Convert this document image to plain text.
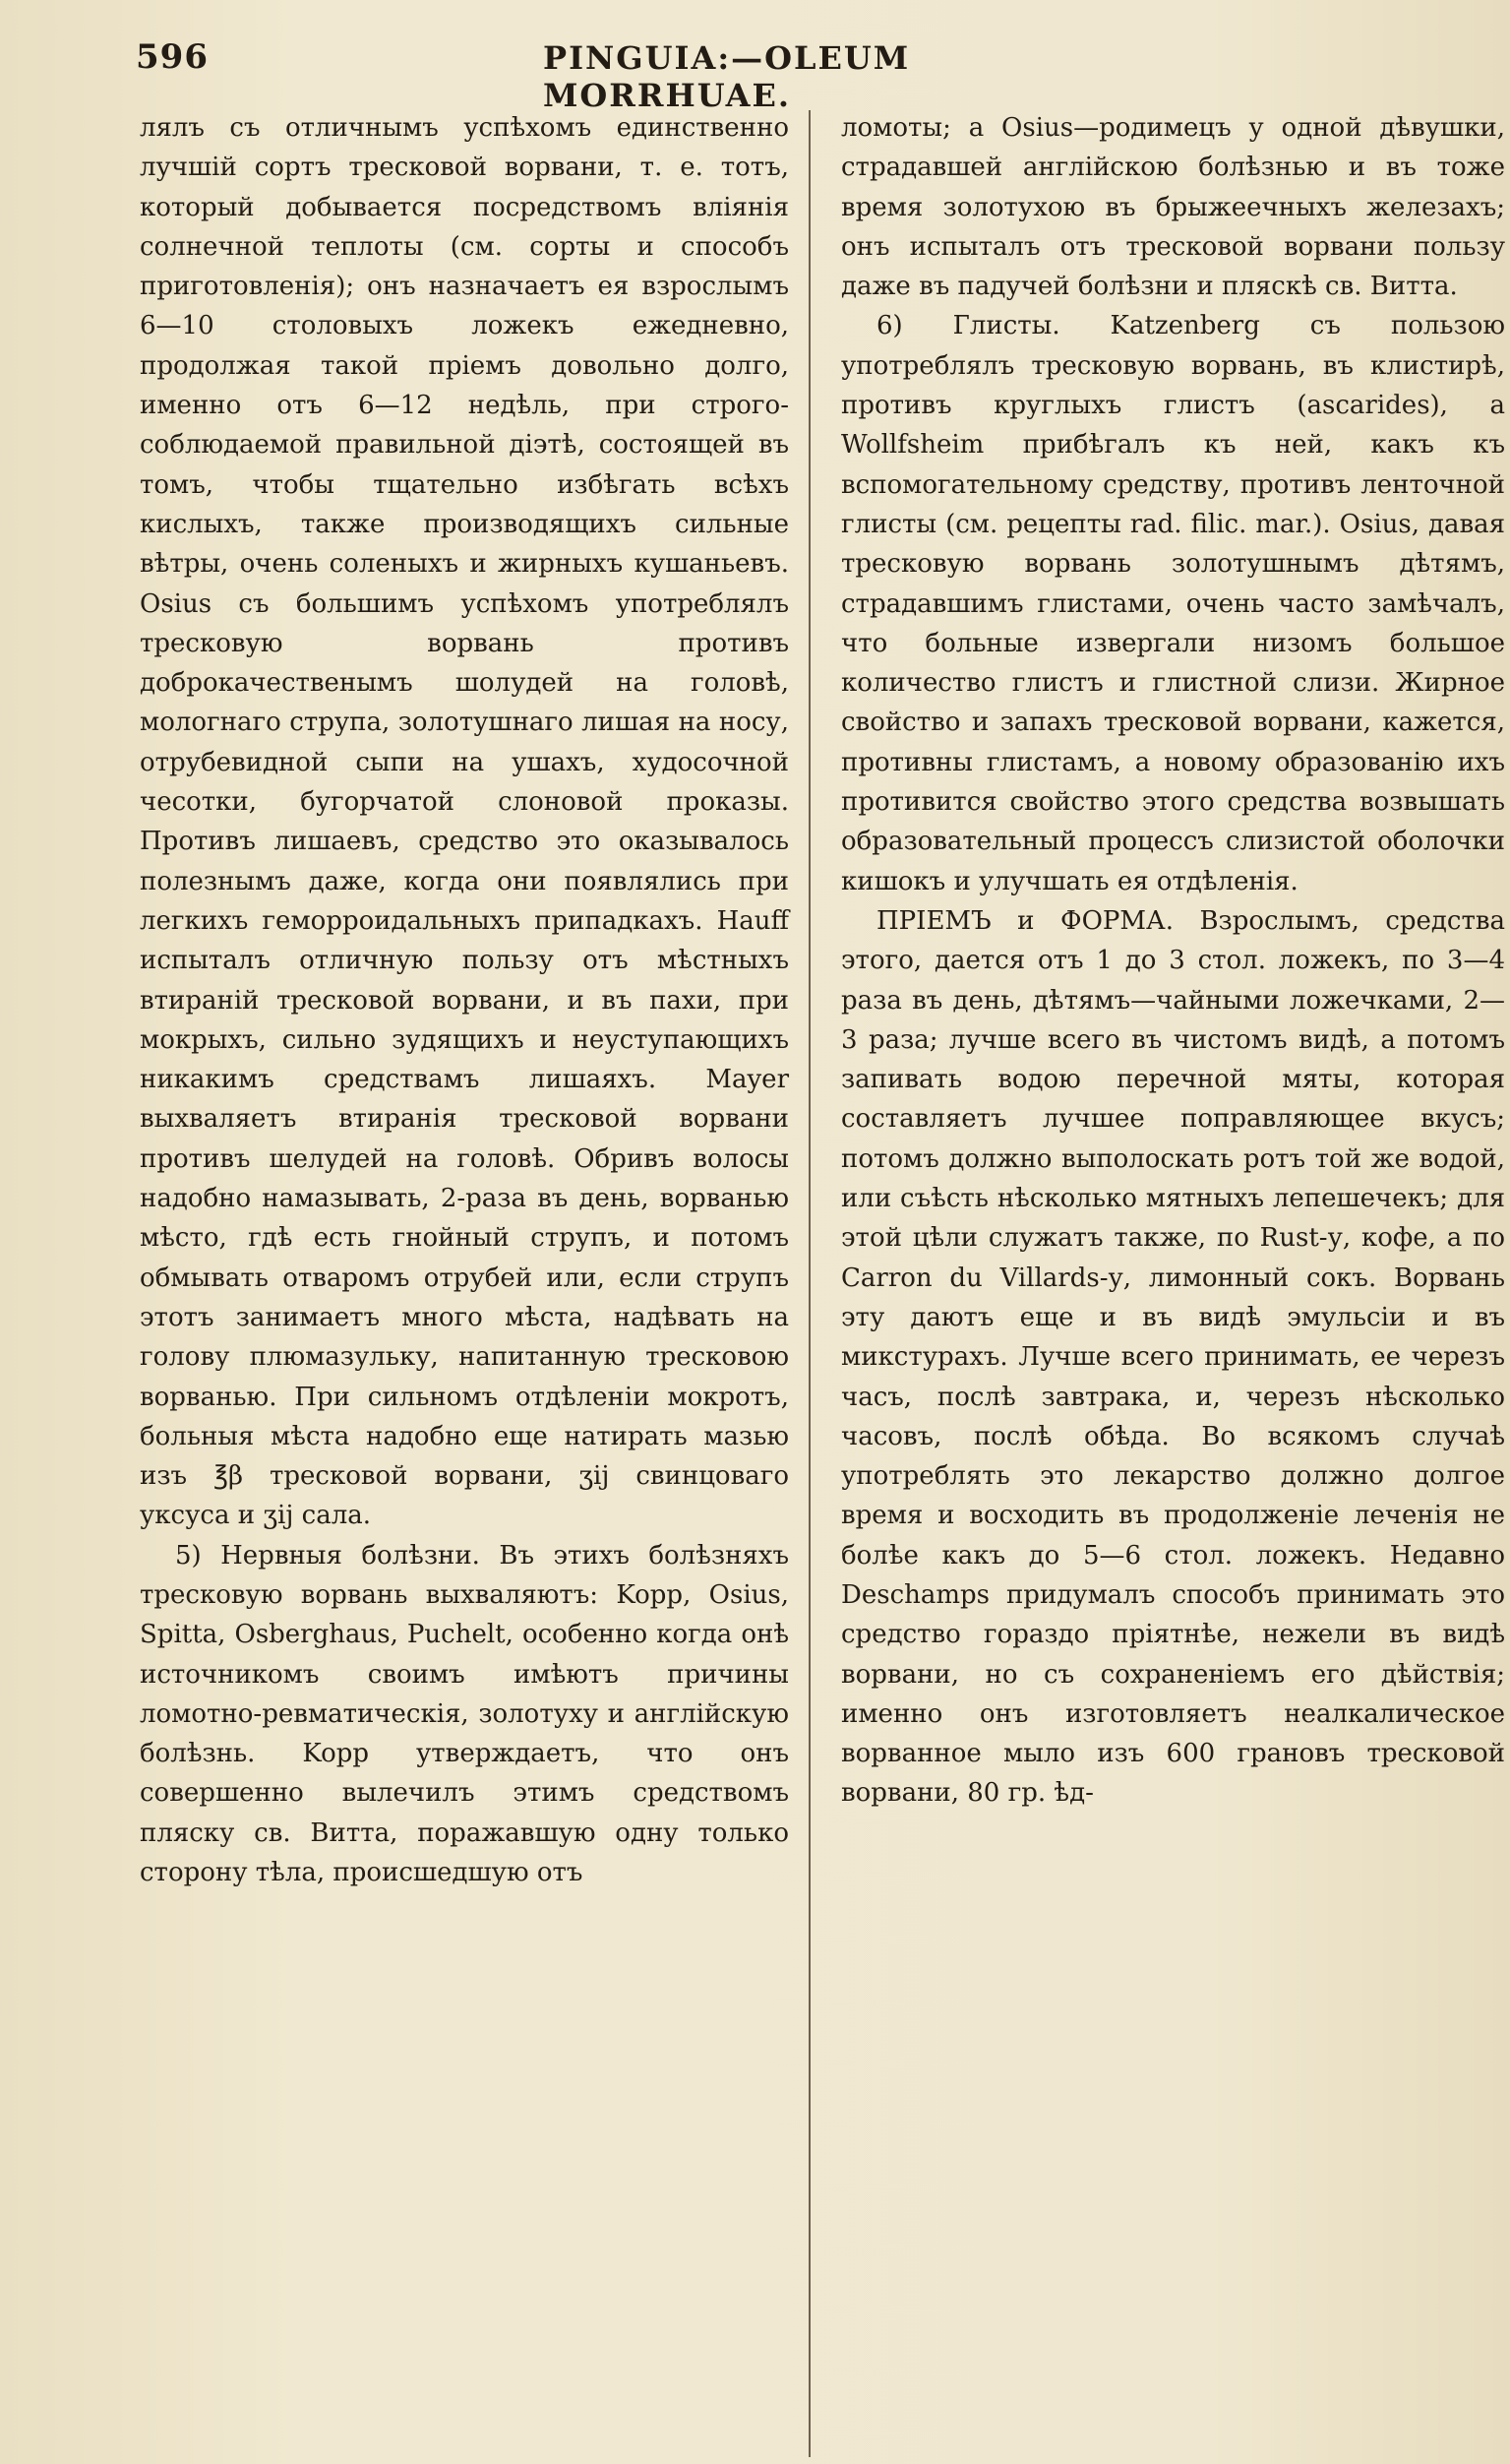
596	PINGUIA:—OLEUM MORRHUAE.

лялъ съ отличнымъ успѣхомъ единственно лучшій сортъ тресковой ворвани, т. е. тотъ, который добывается посредствомъ вліянія солнечной теплоты (см. сорты и способъ приготовленія); онъ назначаетъ ея взрослымъ 6—10 столовыхъ ложекъ ежедневно, продолжая такой пріемъ довольно долго, именно отъ 6—12 недѣль, при строго-соблюдаемой правильной діэтѣ, состоящей въ томъ, чтобы тщательно избѣгать всѣхъ кислыхъ, также производящихъ сильные вѣтры, очень соленыхъ и жирныхъ кушаньевъ. Osius съ большимъ успѣхомъ употреблялъ тресковую ворвань противъ доброкачественымъ шолудей на головѣ, мологнаго струпа, золотушнаго лишая на носу, отрубевидной сыпи на ушахъ, худосочной чесотки, бугорчатой слоновой проказы. Противъ лишаевъ, средство это оказывалось полезнымъ даже, когда они появлялись при легкихъ геморроидальныхъ припадкахъ. Hauff испыталъ отличную пользу отъ мѣстныхъ втираній тресковой ворвани, и въ пахи, при мокрыхъ, сильно зудящихъ и неуступающихъ никакимъ средствамъ лишаяхъ. Mayer выхваляетъ втиранія тресковой ворвани противъ шелудей на головѣ. Обривъ волосы надобно намазывать, 2-раза въ день, ворванью мѣсто, гдѣ есть гнойный струпъ, и потомъ обмывать отваромъ отрубей или, если струпъ этотъ занимаетъ много мѣста, надѣвать на голову плюмазульку, напитанную тресковою ворванью. При сильномъ отдѣленіи мокротъ, больныя мѣста надобно еще натирать мазью изъ ℥β тресковой ворвани, ʒij свинцоваго уксуса и ʒij сала.

5) Нервныя болѣзни. Въ этихъ болѣзняхъ тресковую ворвань выхваляютъ: Kopp, Osius, Spitta, Osberghaus, Puchelt, особенно когда онѣ источникомъ своимъ имѣютъ причины ломотно-ревматическія, золотуху и англійскую болѣзнь. Kopp утверждаетъ, что онъ совершенно вылечилъ этимъ средствомъ пляску св. Витта, поражавшую одну только сторону тѣла, происшедшую отъ

ломоты; а Osius—родимецъ у одной дѣвушки, страдавшей англійскою болѣзнью и въ тоже время золотухою въ брыжеечныхъ железахъ; онъ испыталъ отъ тресковой ворвани пользу даже въ падучей болѣзни и пляскѣ св. Витта.

6) Глисты. Katzenberg съ пользою употреблялъ тресковую ворвань, въ клистирѣ, противъ круглыхъ глистъ (ascarides), а Wollfsheim прибѣгалъ къ ней, какъ къ вспомогательному средству, противъ ленточной глисты (см. рецепты rad. filic. mar.). Osius, давая тресковую ворвань золотушнымъ дѣтямъ, страдавшимъ глистами, очень часто замѣчалъ, что больные извергали низомъ большое количество глистъ и глистной слизи. Жирное свойство и запахъ тресковой ворвани, кажется, противны глистамъ, а новому образованію ихъ противится свойство этого средства возвышать образовательный процессъ слизистой оболочки кишокъ и улучшать ея отдѣленія.

ПРІЕМЪ и ФОРМА. Взрослымъ, средства этого, дается отъ 1 до 3 стол. ложекъ, по 3—4 раза въ день, дѣтямъ—чайными ложечками, 2—3 раза; лучше всего въ чистомъ видѣ, а потомъ запивать водою перечной мяты, которая составляетъ лучшее поправляющее вкусъ; потомъ должно выполоскать ротъ той же водой, или съѣсть нѣсколько мятныхъ лепешечекъ; для этой цѣли служатъ также, по Rust-у, кофе, а по Carron du Villards-у, лимонный сокъ. Ворвань эту даютъ еще и въ видѣ эмульсіи и въ микстурахъ. Лучше всего принимать, ее черезъ часъ, послѣ завтрака, и, черезъ нѣсколько часовъ, послѣ обѣда. Во всякомъ случаѣ употреблять это лекарство должно долгое время и восходить въ продолженіе леченія не болѣе какъ до 5—6 стол. ложекъ. Недавно Deschamps придумалъ способъ принимать это средство гораздо пріятнѣе, нежели въ видѣ ворвани, но съ сохраненіемъ его дѣйствія; именно онъ изготовляетъ неалкалическое ворванное мыло изъ 600 грановъ тресковой ворвани, 80 гр. ѣд-
